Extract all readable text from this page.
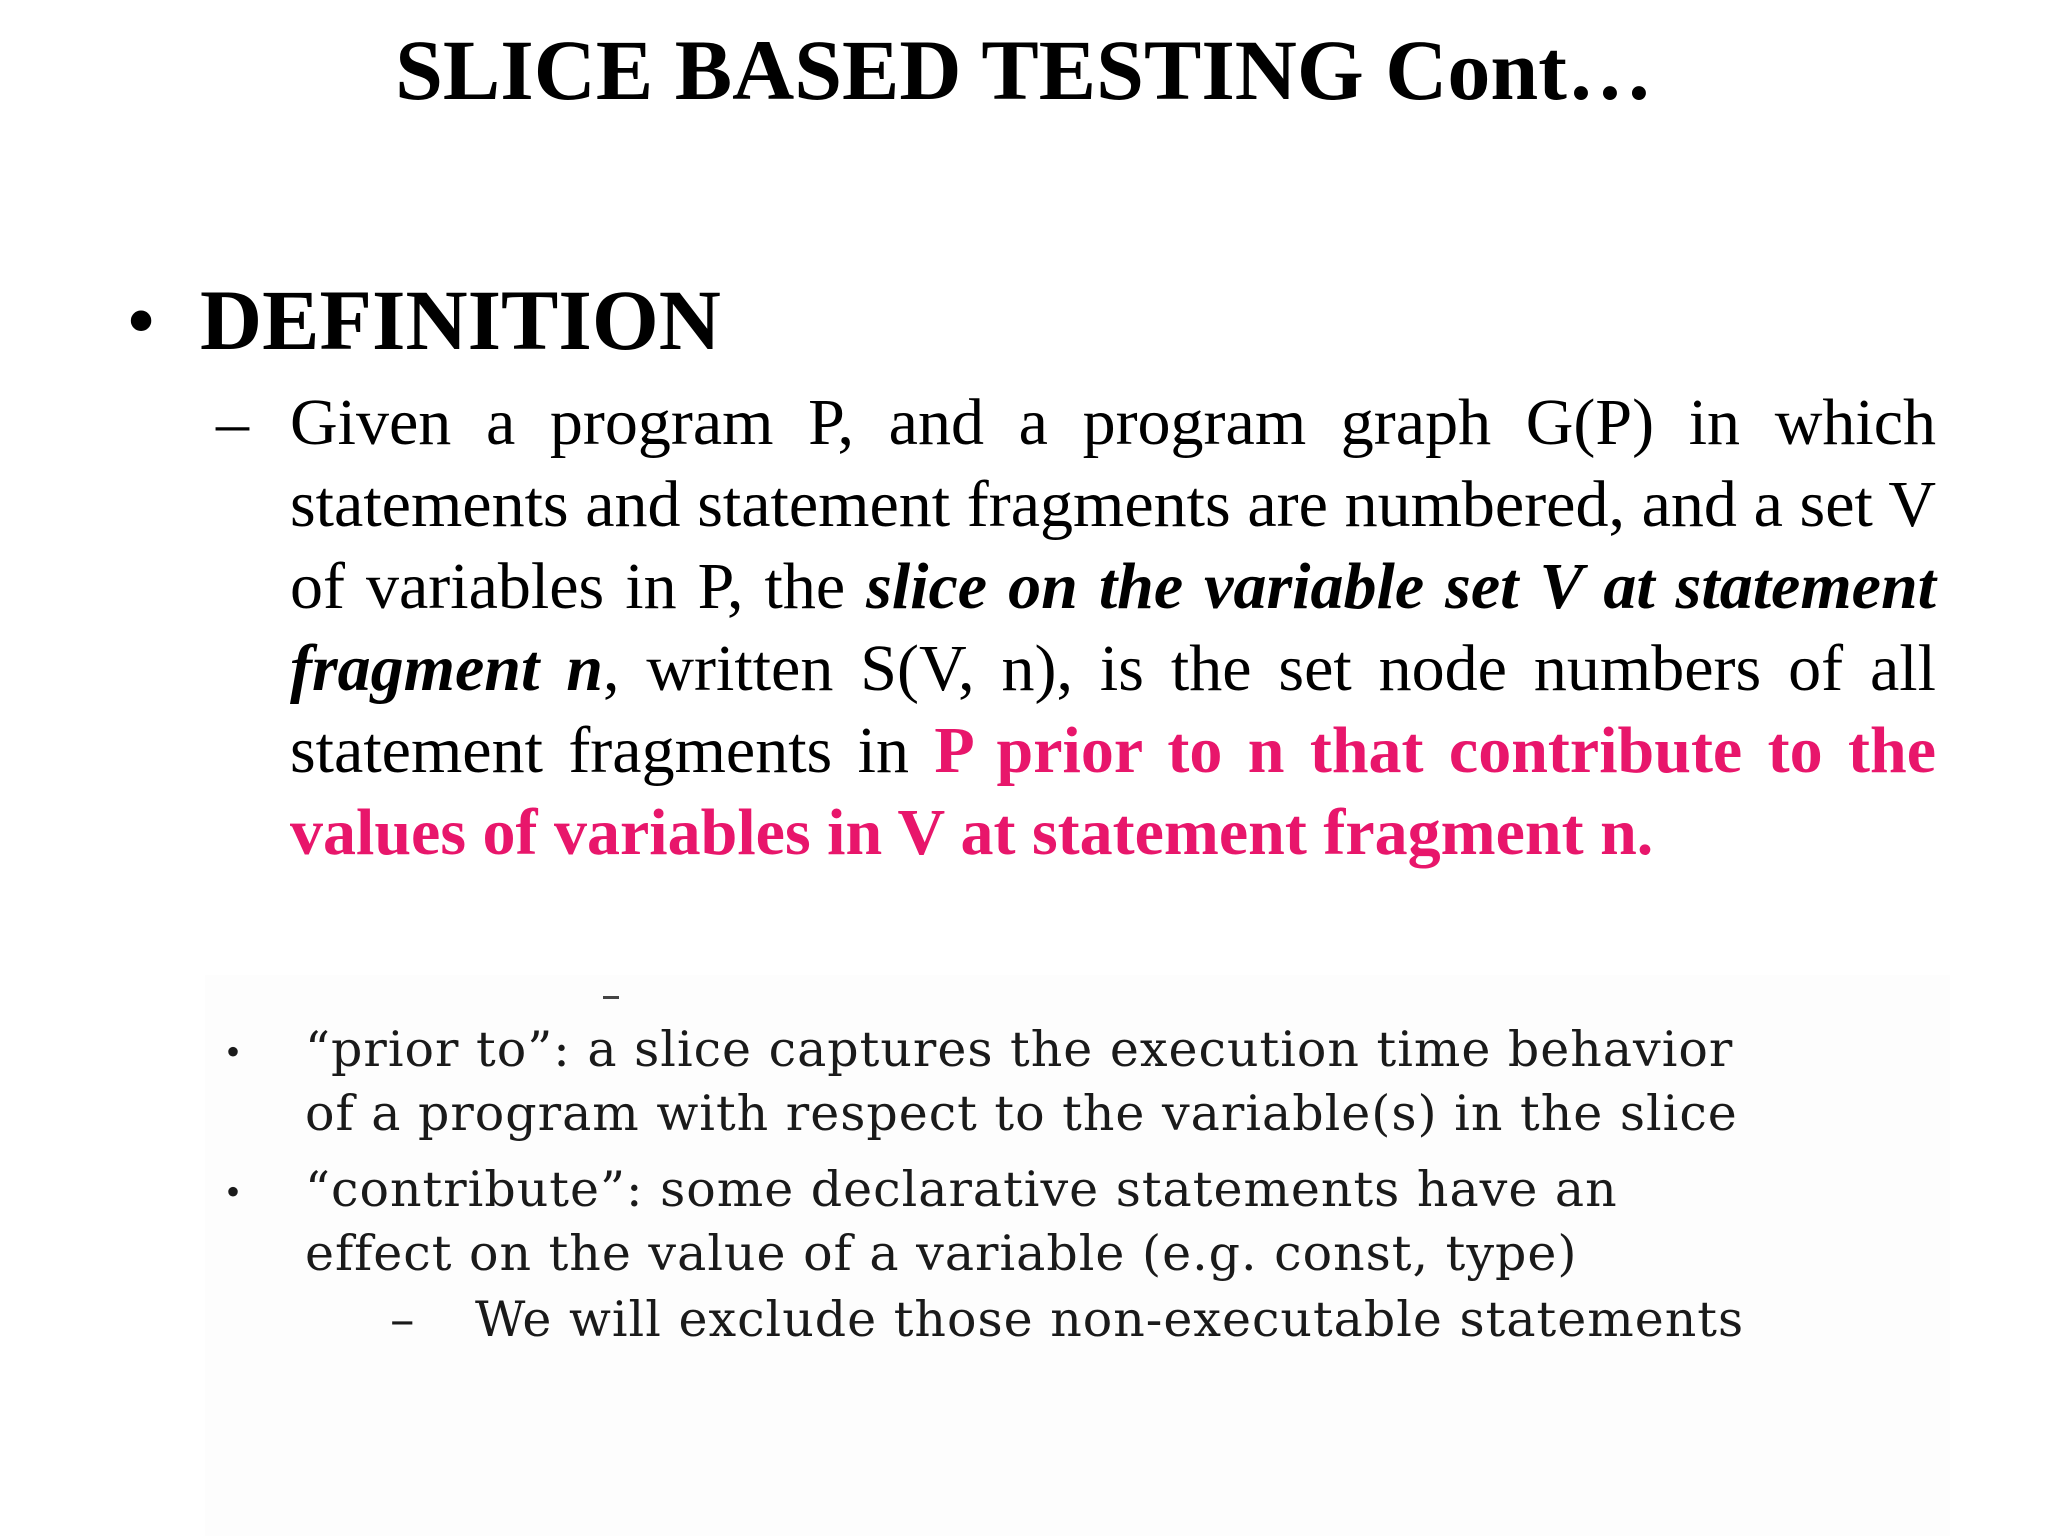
SLICE BASED TESTING Cont…
• DEFINITION
– Given a program P, and a program graph G(P) in which statements and statement fragments are numbered, and a set V of variables in P, the slice on the variable set V at statement fragment n, written S(V, n), is the set node numbers of all statement fragments in P prior to n that contribute to the values of variables in V at statement fragment n.
• “prior to”: a slice captures the execution time behavior
of a program with respect to the variable(s) in the slice
• “contribute”: some declarative statements have an
effect on the value of a variable (e.g. const, type)
– We will exclude those non-executable statements
